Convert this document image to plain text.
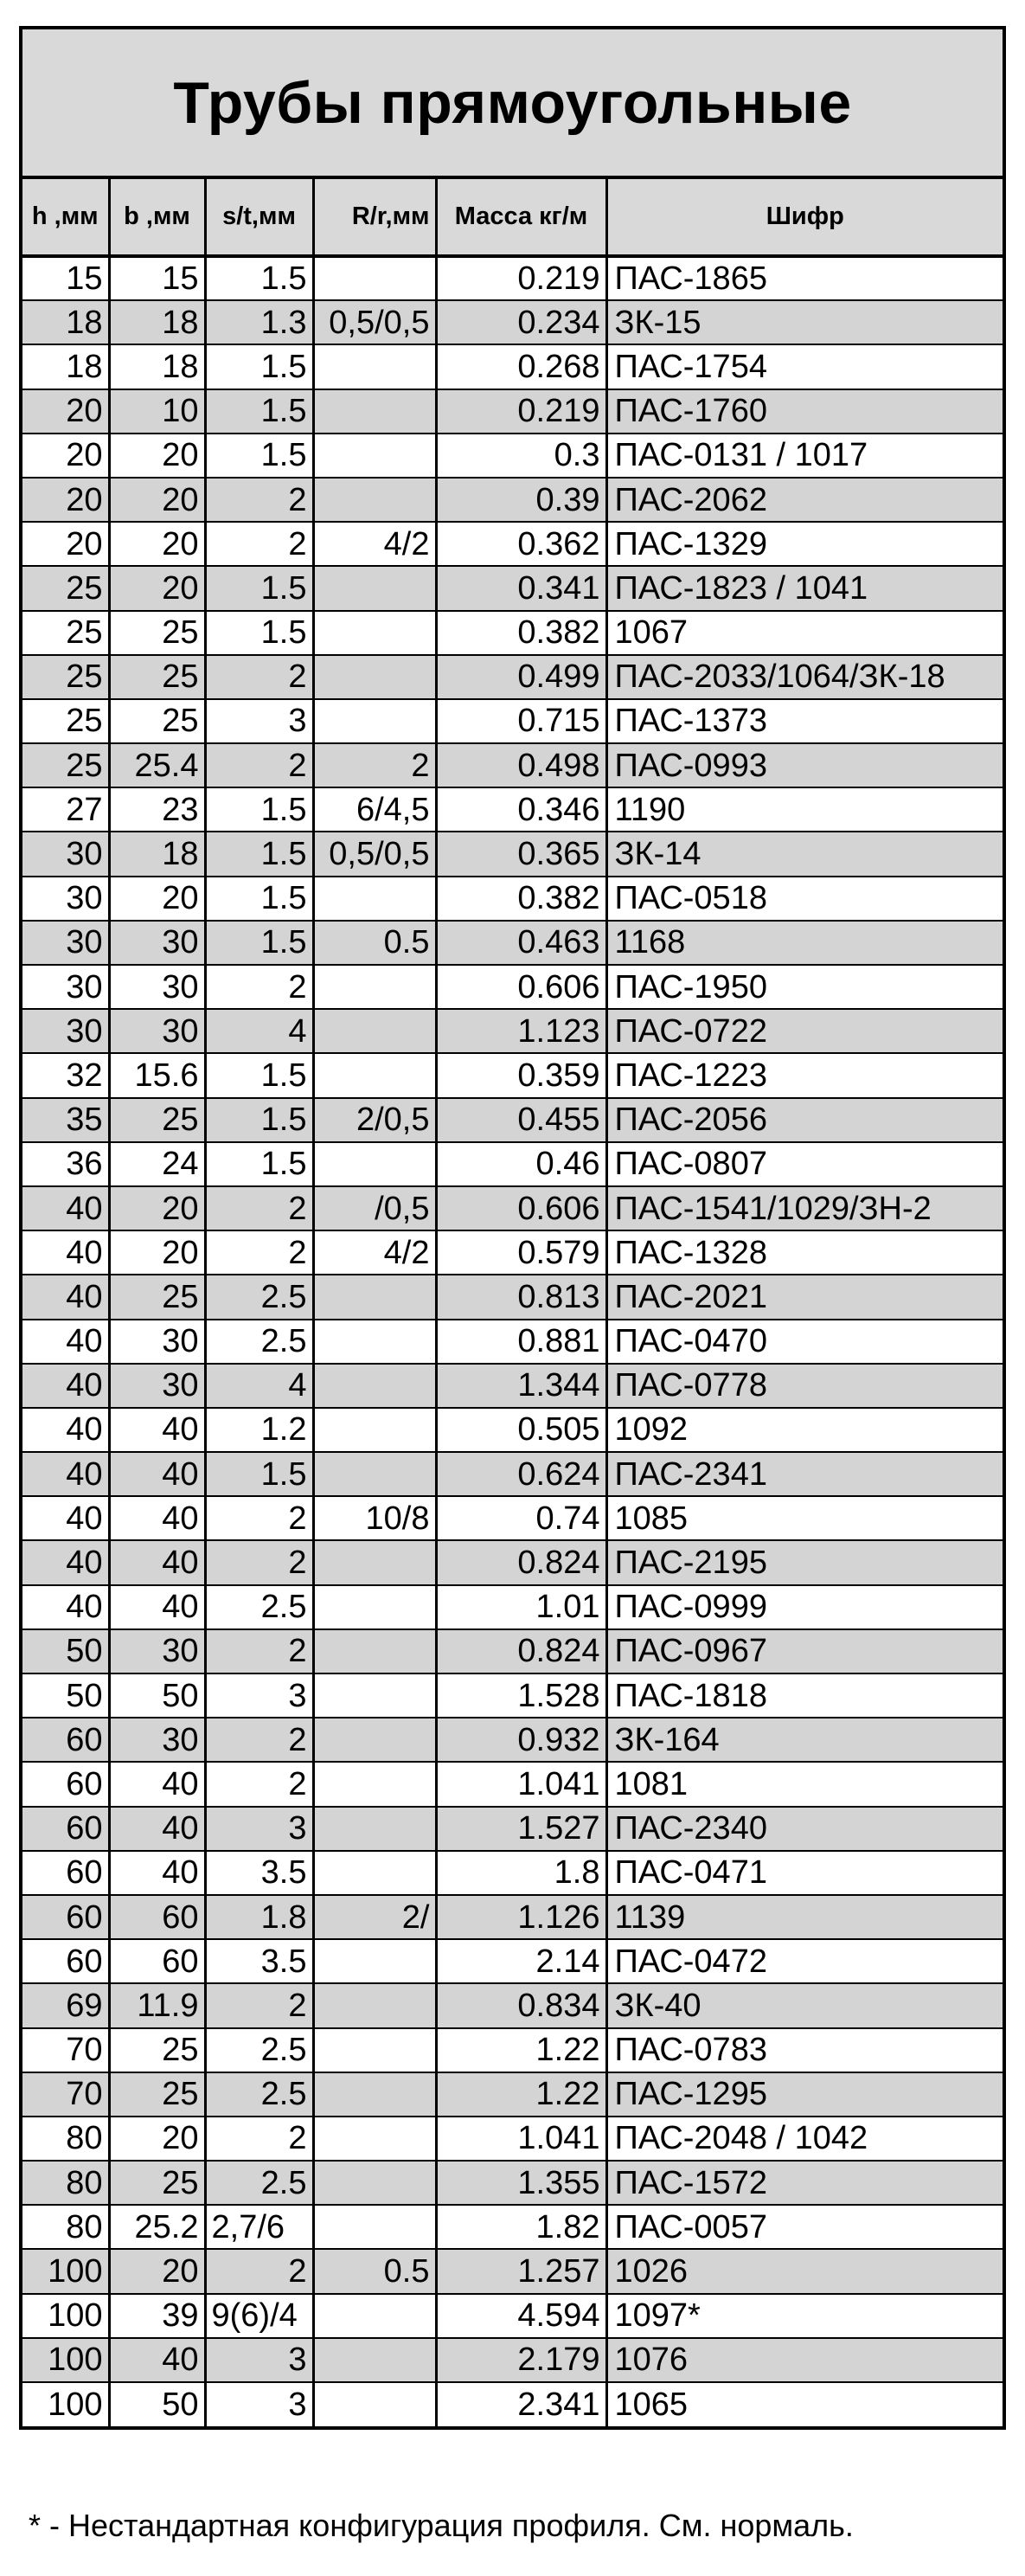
Трубы прямоугольные
h ,мм	b ,мм	s/t,мм	R/r,мм	Масса кг/м	Шифр
15	15	1.5		0.219	ПАС-1865
18	18	1.3	0,5/0,5	0.234	ЗК-15
18	18	1.5		0.268	ПАС-1754
20	10	1.5		0.219	ПАС-1760
20	20	1.5		0.3	ПАС-0131 / 1017
20	20	2		0.39	ПАС-2062
20	20	2	4/2	0.362	ПАС-1329
25	20	1.5		0.341	ПАС-1823 / 1041
25	25	1.5		0.382	1067
25	25	2		0.499	ПАС-2033/1064/ЗК-18
25	25	3		0.715	ПАС-1373
25	25.4	2	2	0.498	ПАС-0993
27	23	1.5	6/4,5	0.346	1190
30	18	1.5	0,5/0,5	0.365	ЗК-14
30	20	1.5		0.382	ПАС-0518
30	30	1.5	0.5	0.463	1168
30	30	2		0.606	ПАС-1950
30	30	4		1.123	ПАС-0722
32	15.6	1.5		0.359	ПАС-1223
35	25	1.5	2/0,5	0.455	ПАС-2056
36	24	1.5		0.46	ПАС-0807
40	20	2	/0,5	0.606	ПАС-1541/1029/ЗН-2
40	20	2	4/2	0.579	ПАС-1328
40	25	2.5		0.813	ПАС-2021
40	30	2.5		0.881	ПАС-0470
40	30	4		1.344	ПАС-0778
40	40	1.2		0.505	1092
40	40	1.5		0.624	ПАС-2341
40	40	2	10/8	0.74	1085
40	40	2		0.824	ПАС-2195
40	40	2.5		1.01	ПАС-0999
50	30	2		0.824	ПАС-0967
50	50	3		1.528	ПАС-1818
60	30	2		0.932	ЗК-164
60	40	2		1.041	1081
60	40	3		1.527	ПАС-2340
60	40	3.5		1.8	ПАС-0471
60	60	1.8	2/	1.126	1139
60	60	3.5		2.14	ПАС-0472
69	11.9	2		0.834	ЗК-40
70	25	2.5		1.22	ПАС-0783
70	25	2.5		1.22	ПАС-1295
80	20	2		1.041	ПАС-2048 / 1042
80	25	2.5		1.355	ПАС-1572
80	25.2	2,7/6		1.82	ПАС-0057
100	20	2	0.5	1.257	1026
100	39	9(6)/4		4.594	1097*
100	40	3		2.179	1076
100	50	3		2.341	1065
* - Нестандартная конфигурация профиля. См. нормаль.
